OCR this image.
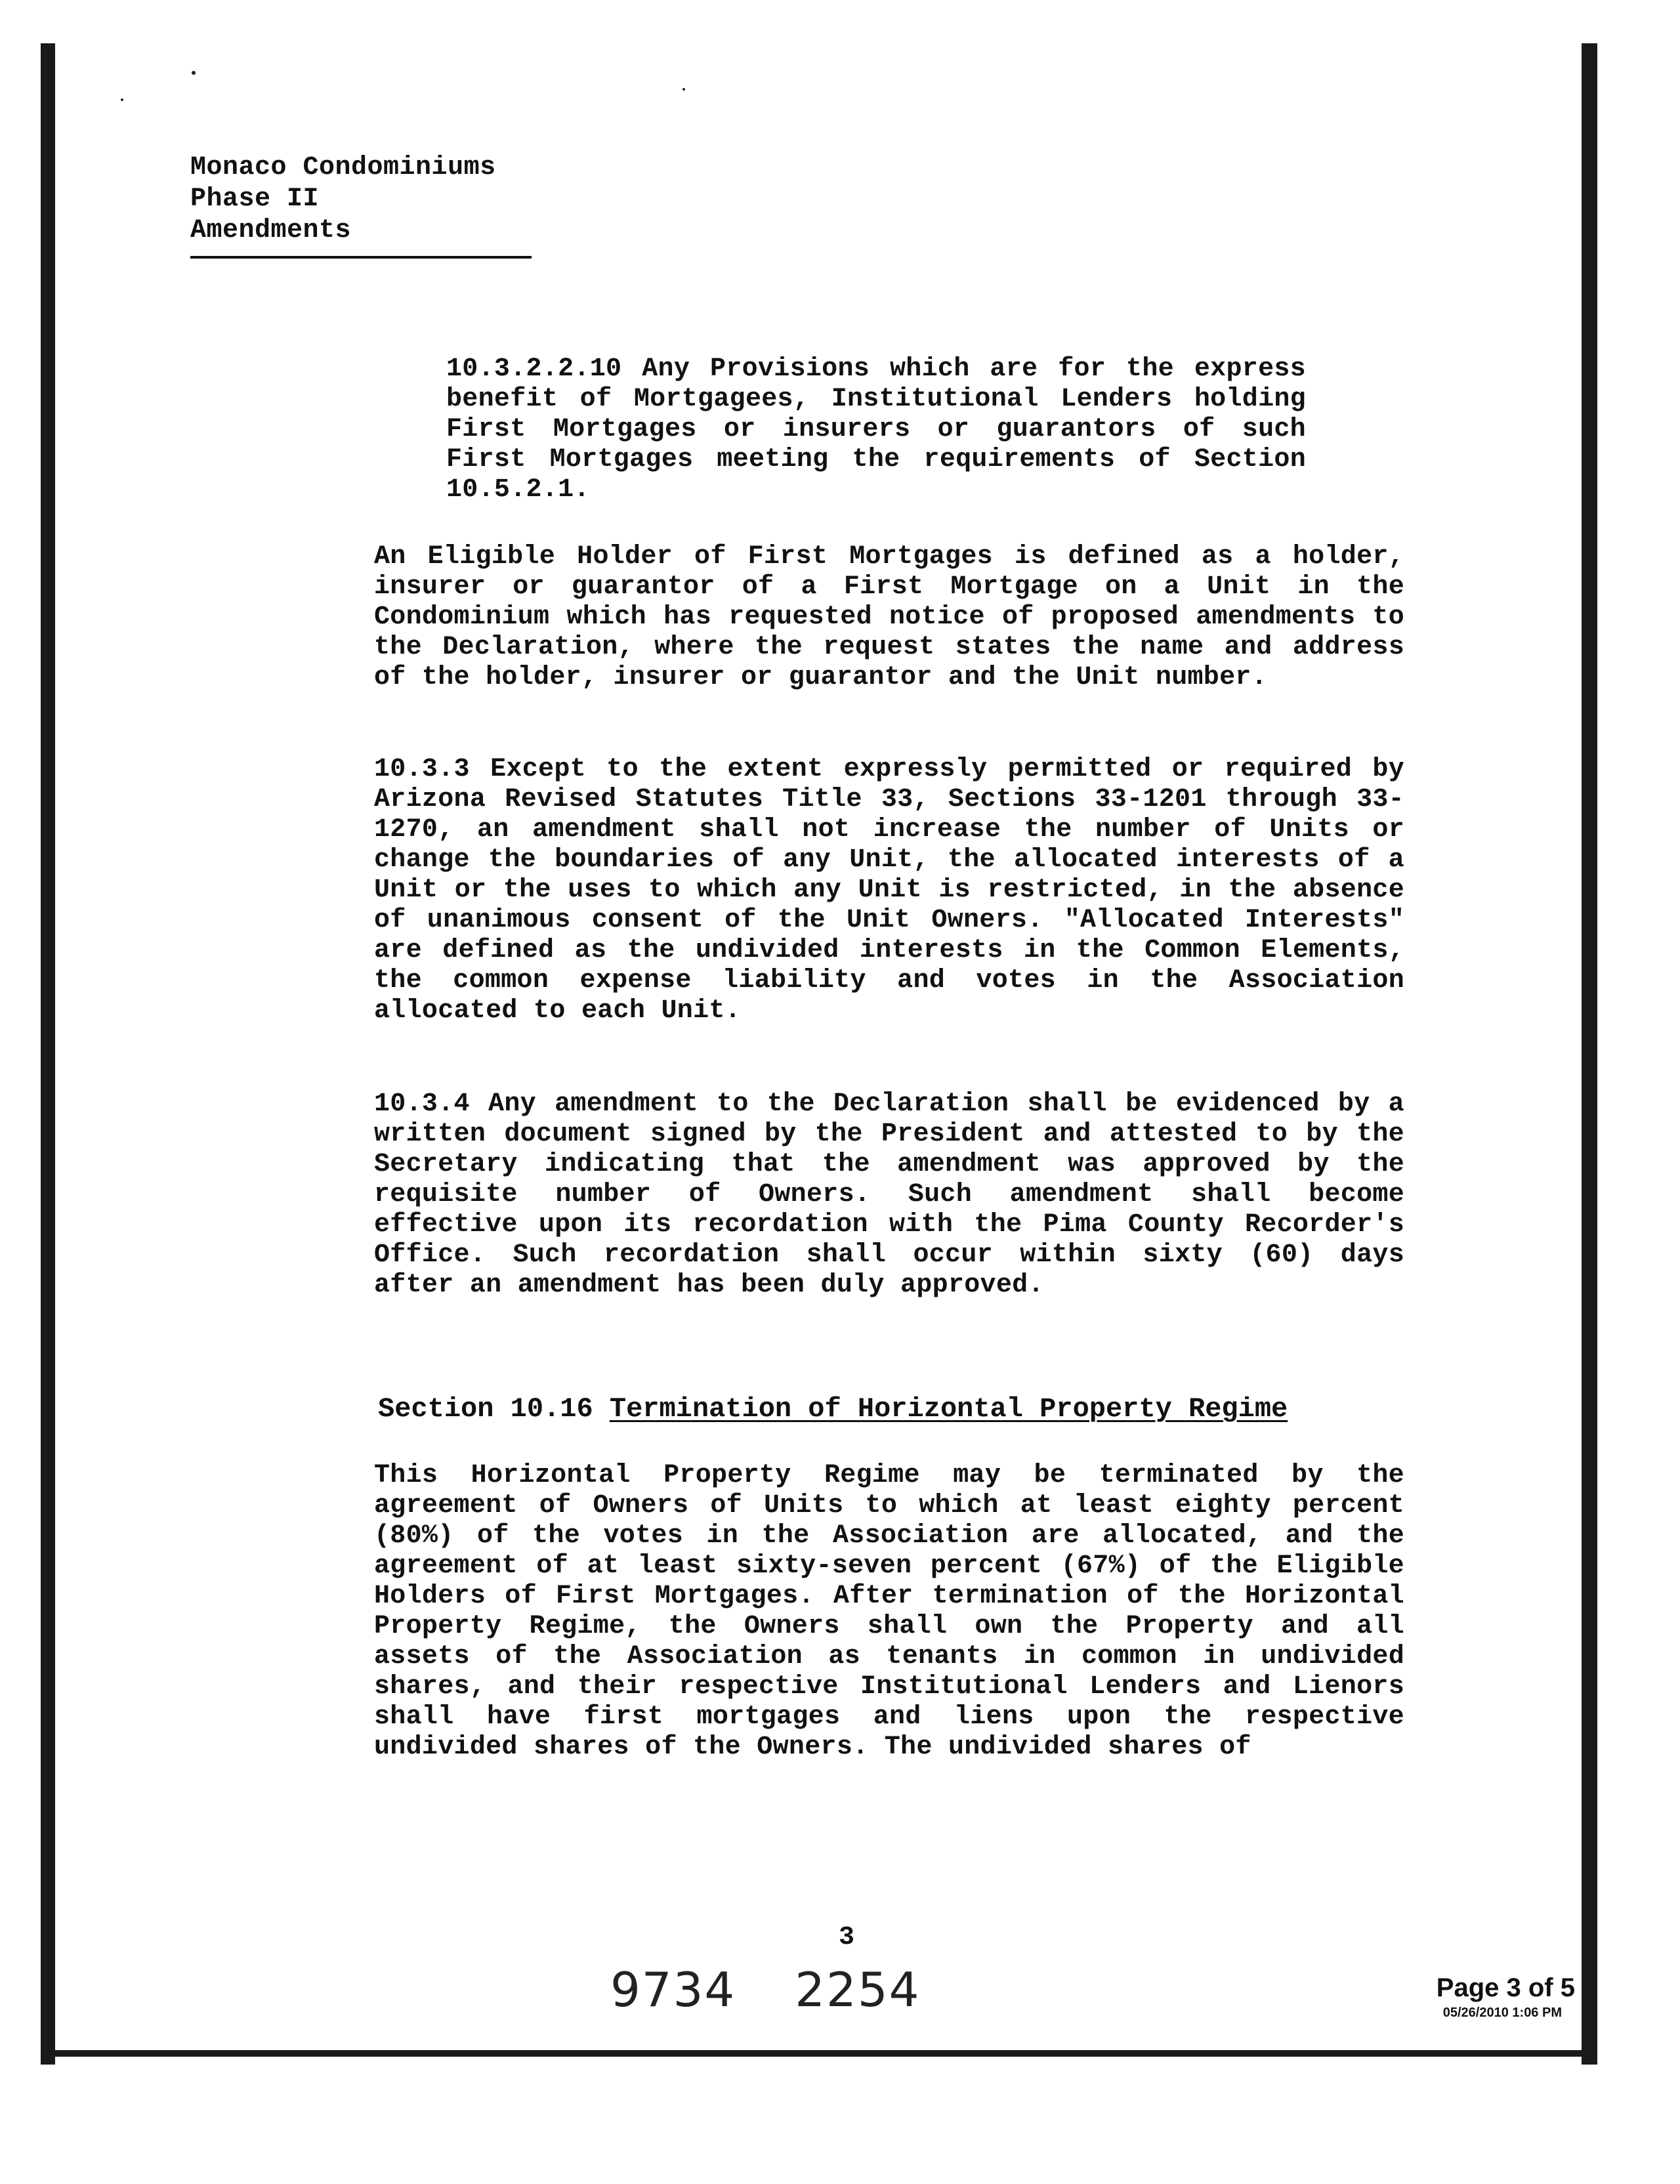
Monaco Condominiums
Phase II
Amendments

10.3.2.2.10 Any Provisions which are for the express benefit of Mortgagees, Institutional Lenders holding First Mortgages or insurers or guarantors of such First Mortgages meeting the requirements of Section 10.5.2.1.

An Eligible Holder of First Mortgages is defined as a holder, insurer or guarantor of a First Mortgage on a Unit in the Condominium which has requested notice of proposed amendments to the Declaration, where the request states the name and address of the holder, insurer or guarantor and the Unit number.

10.3.3 Except to the extent expressly permitted or required by Arizona Revised Statutes Title 33, Sections 33-1201 through 33-1270, an amendment shall not increase the number of Units or change the boundaries of any Unit, the allocated interests of a Unit or the uses to which any Unit is restricted, in the absence of unanimous consent of the Unit Owners. "Allocated Interests" are defined as the undivided interests in the Common Elements, the common expense liability and votes in the Association allocated to each Unit.

10.3.4 Any amendment to the Declaration shall be evidenced by a written document signed by the President and attested to by the Secretary indicating that the amendment was approved by the requisite number of Owners. Such amendment shall become effective upon its recordation with the Pima County Recorder's Office. Such recordation shall occur within sixty (60) days after an amendment has been duly approved.

Section 10.16 Termination of Horizontal Property Regime

This Horizontal Property Regime may be terminated by the agreement of Owners of Units to which at least eighty percent (80%) of the votes in the Association are allocated, and the agreement of at least sixty-seven percent (67%) of the Eligible Holders of First Mortgages. After termination of the Horizontal Property Regime, the Owners shall own the Property and all assets of the Association as tenants in common in undivided shares, and their respective Institutional Lenders and Lienors shall have first mortgages and liens upon the respective undivided shares of the Owners. The undivided shares of

3
9734 2254	Page 3 of 5
05/26/2010 1:06 PM
